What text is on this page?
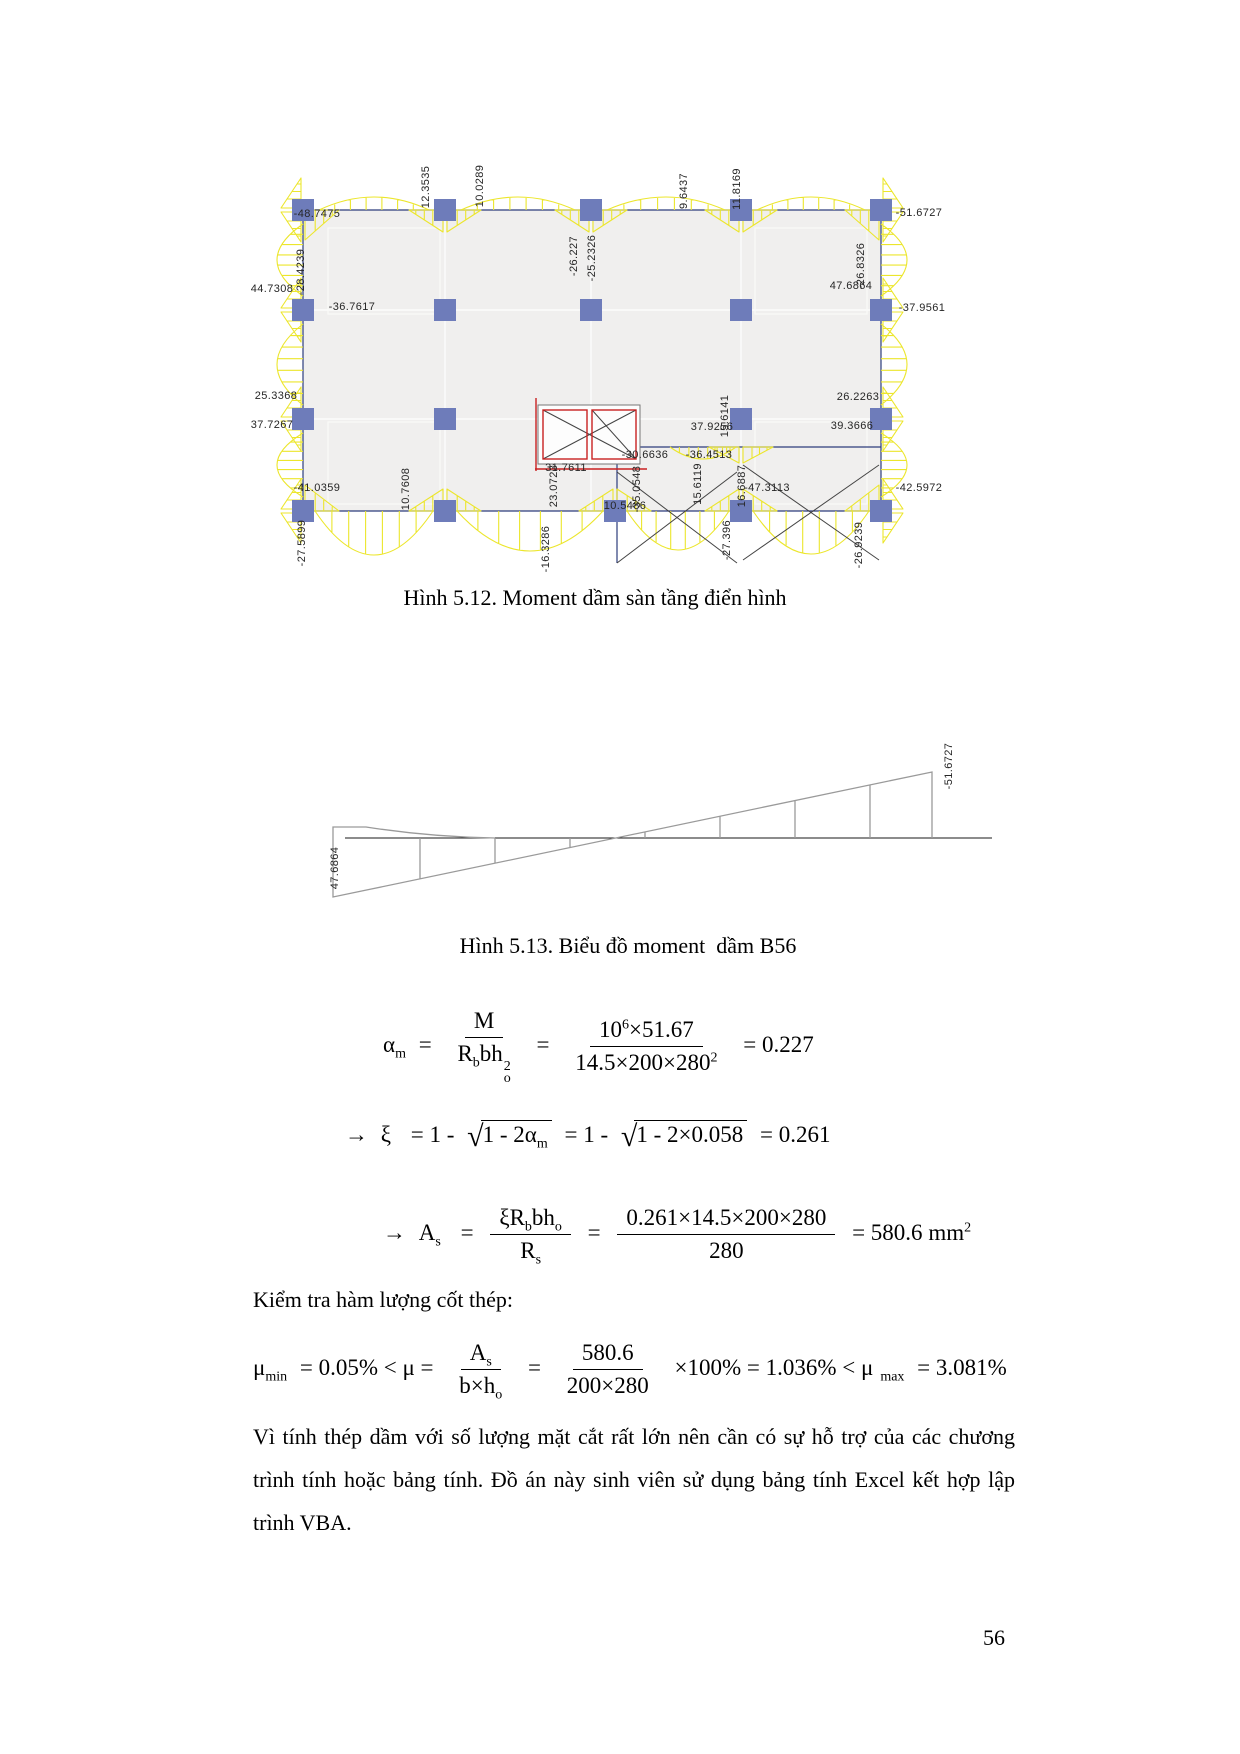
-48.7475
-28.4239
12.3535	10.0289
-26.227 -25.2326
9.6437	11.8169
-51.6727
-26.8326
44.7308
-36.7617
47.6864
-37.9561
25.3368
37.7267
26.2263
39.3666
-41.0359
-27.5899
10.7608	23.0723
-16.3286
31.7611
-30.6636 -36.4513
-35.0548
10.5486
15.6119
-27.396
37.9256
15.6141
-47.3113
16.6887	-42.5972
-26.9239
Hình 5.12. Moment dầm sàn tầng điển hình
47.6864
-51.6727
Hình 5.13. Biểu đồ moment  dầm B56
$\alpha_m = M$
$R_bbh$
2
$o = \frac{10^6\times 51.67}{14.5\times 200\times 280^2} = 0.227$
→ $\xi = 1 - √1 - 2\alpha_m = 1 - √1 - 2\times 0.058 = 0.261$
→ $A_s = \frac{\xi R_bbh_o}{R_s} = \frac{0.261\times 14.5\times 200\times 280}{280} = 580.6$ $mm^2$
Kiểm tra hàm lượng cốt thép:
$\mu_{min} = 0.05\% < \mu = \frac{A_s}{b\times h_o} = \frac{580.6}{200\times 280} \times 100\% = 1.036\% < \mu$ $_{max}$ = 3.081%
Vì tính thép dầm với số lượng mặt cắt rất lớn nên cần có sự hỗ trợ của các chương trình tính hoặc bảng tính. Đồ án này sinh viên sử dụng bảng tính Excel kết hợp lập trình VBA.
56
